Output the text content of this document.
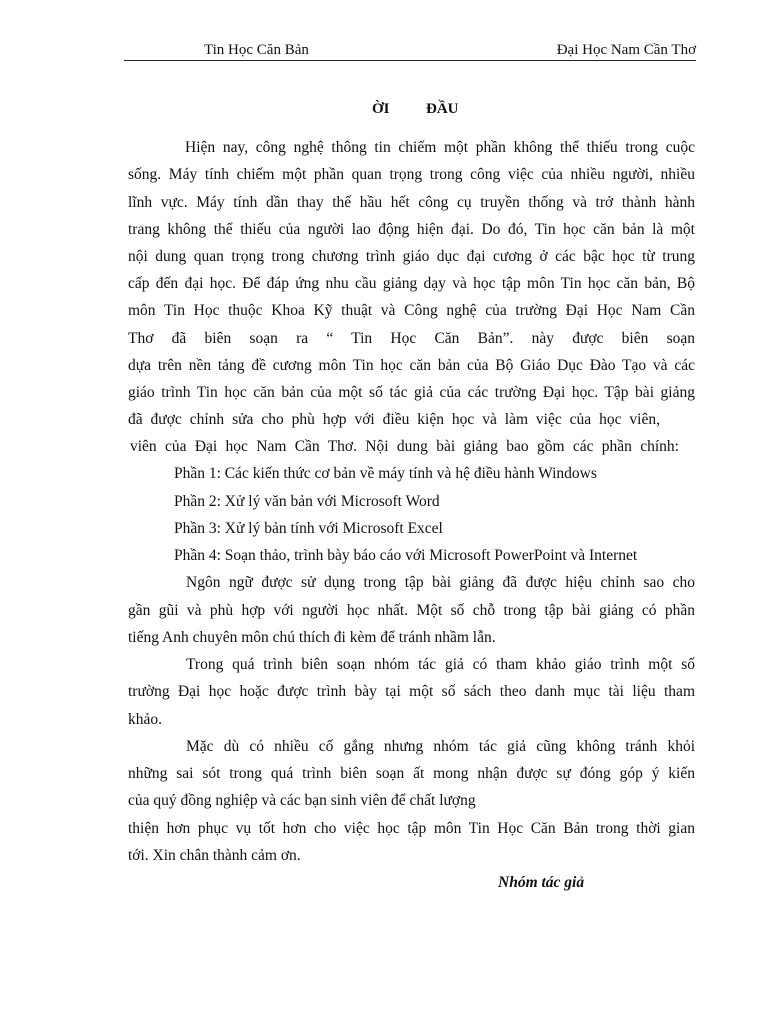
Tin Học Căn Bản	Đại Học Nam Cần Thơ
ỜI ĐẦU
Hiện nay, công nghệ thông tin chiếm một phần không thể thiếu trong cuộc
sống. Máy tính chiếm một phần quan trọng trong công việc của nhiều người, nhiều
lĩnh vực. Máy tính dần thay thế hầu hết công cụ truyền thống và trở thành hành
trang không thể thiếu của người lao động hiện đại. Do đó, Tin học căn bản là một
nội dung quan trọng trong chương trình giáo dục đại cương ở các bậc học từ trung
cấp đến đại học. Để đáp ứng nhu cầu giảng dạy và học tập môn Tin học căn bản, Bộ
môn Tin Học thuộc Khoa Kỹ thuật và Công nghệ của trường Đại Học Nam Cần
Thơ đã biên soạn ra “ Tin Học Căn Bản”. này được biên soạn
dựa trên nền tảng đề cương môn Tin học căn bản của Bộ Giáo Dục Đào Tạo và các
giáo trình Tin học căn bản của một số tác giả của các trường Đại học. Tập bài giảng
đã được chỉnh sửa cho phù hợp với điều kiện học và làm việc của học viên,
viên của Đại học Nam Cần Thơ. Nội dung bài giảng bao gồm các phần chính:
Phần 1: Các kiến thức cơ bản về máy tính và hệ điều hành Windows
Phần 2: Xử lý văn bản với Microsoft Word
Phần 3: Xử lý bản tính với Microsoft Excel
Phần 4: Soạn thảo, trình bày báo cáo với Microsoft PowerPoint và Internet
Ngôn ngữ được sử dụng trong tập bài giảng đã được hiệu chỉnh sao cho
gần gũi và phù hợp với người học nhất. Một số chỗ trong tập bài giảng có phần
tiếng Anh chuyên môn chú thích đi kèm để tránh nhầm lẫn.
Trong quá trình biên soạn nhóm tác giả có tham khảo giáo trình một số
trường Đại học hoặc được trình bày tại một số sách theo danh mục tài liệu tham
khảo.
Mặc dù có nhiều cố gắng nhưng nhóm tác giả cũng không tránh khỏi
những sai sót trong quá trình biên soạn ất mong nhận được sự đóng góp ý kiến
của quý đồng nghiệp và các bạn sinh viên để chất lượng
thiện hơn phục vụ tốt hơn cho việc học tập môn Tin Học Căn Bản trong thời gian
tới. Xin chân thành cảm ơn.
Nhóm tác giả
